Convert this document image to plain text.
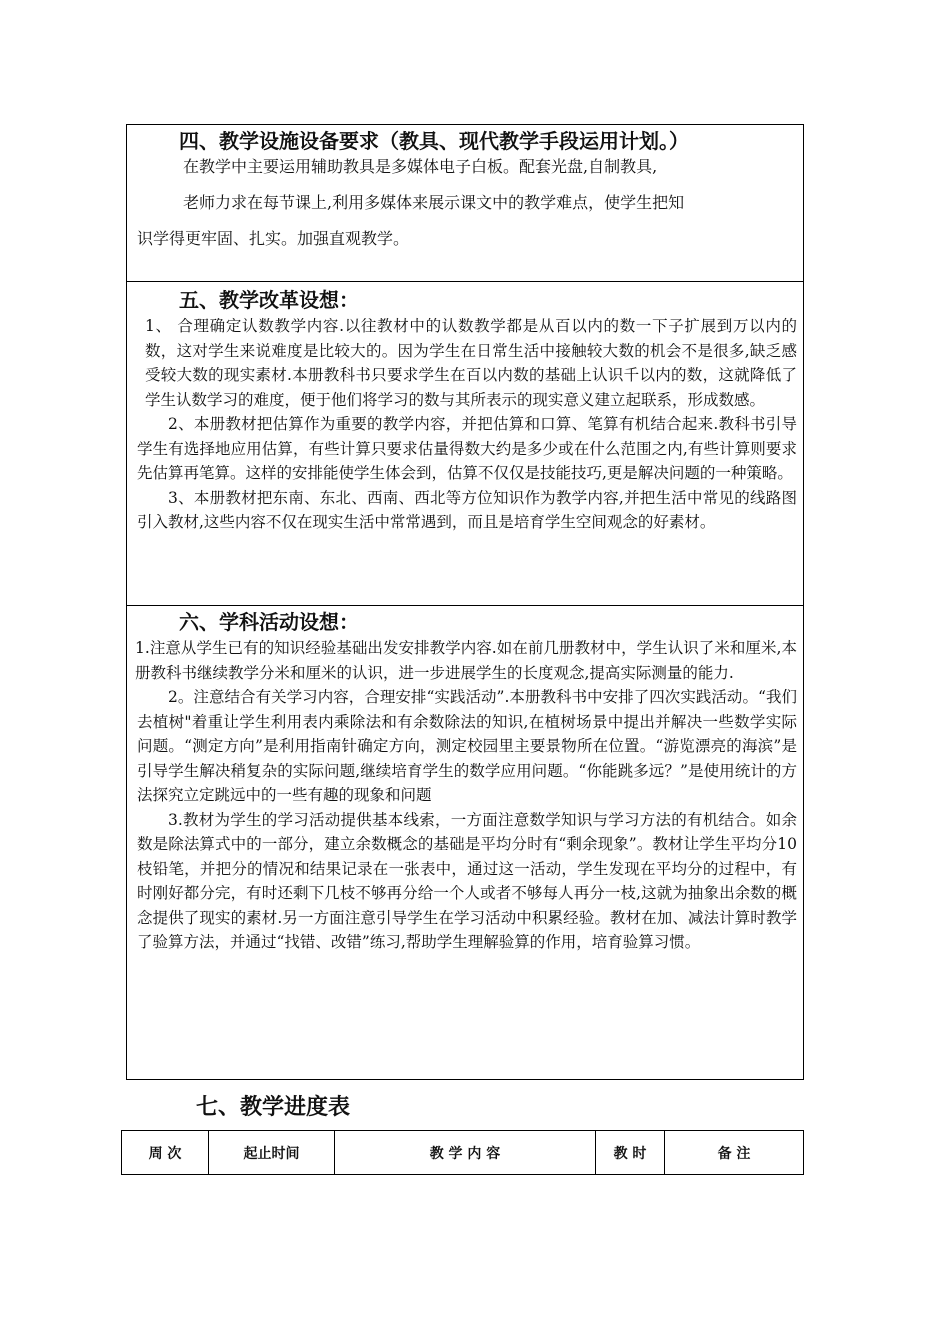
四、教学设施设备要求（教具、现代教学手段运用计划。）
在教学中主要运用辅助教具是多媒体电子白板。配套光盘,自制教具,
老师力求在每节课上,利用多媒体来展示课文中的教学难点，使学生把知
识学得更牢固、扎实。加强直观教学。
五、教学改革设想：
1、 合理确定认数教学内容.以往教材中的认数教学都是从百以内的数一下子扩展到万以内的数，这对学生来说难度是比较大的。因为学生在日常生活中接触较大数的机会不是很多,缺乏感受较大数的现实素材.本册教科书只要求学生在百以内数的基础上认识千以内的数，这就降低了学生认数学习的难度，便于他们将学习的数与其所表示的现实意义建立起联系，形成数感。
2、本册教材把估算作为重要的教学内容，并把估算和口算、笔算有机结合起来.教科书引导学生有选择地应用估算，有些计算只要求估量得数大约是多少或在什么范围之内,有些计算则要求先估算再笔算。这样的安排能使学生体会到，估算不仅仅是技能技巧,更是解决问题的一种策略。
3、本册教材把东南、东北、西南、西北等方位知识作为教学内容,并把生活中常见的线路图引入教材,这些内容不仅在现实生活中常常遇到，而且是培育学生空间观念的好素材。
六、学科活动设想：
1.注意从学生已有的知识经验基础出发安排教学内容.如在前几册教材中，学生认识了米和厘米,本册教科书继续教学分米和厘米的认识，进一步进展学生的长度观念,提高实际测量的能力.
2。注意结合有关学习内容，合理安排“实践活动”.本册教科书中安排了四次实践活动。“我们去植树"着重让学生利用表内乘除法和有余数除法的知识,在植树场景中提出并解决一些数学实际问题。“测定方向”是利用指南针确定方向，测定校园里主要景物所在位置。“游览漂亮的海滨”是引导学生解决稍复杂的实际问题,继续培育学生的数学应用问题。“你能跳多远？”是使用统计的方法探究立定跳远中的一些有趣的现象和问题
3.教材为学生的学习活动提供基本线索，一方面注意数学知识与学习方法的有机结合。如余数是除法算式中的一部分，建立余数概念的基础是平均分时有“剩余现象”。教材让学生平均分10枝铅笔，并把分的情况和结果记录在一张表中，通过这一活动，学生发现在平均分的过程中，有时刚好都分完，有时还剩下几枝不够再分给一个人或者不够每人再分一枝,这就为抽象出余数的概念提供了现实的素材.另一方面注意引导学生在学习活动中积累经验。教材在加、减法计算时教学了验算方法，并通过“找错、改错”练习,帮助学生理解验算的作用，培育验算习惯。
七、教学进度表
周 次	起止时间	教 学 内 容	教 时	备 注
